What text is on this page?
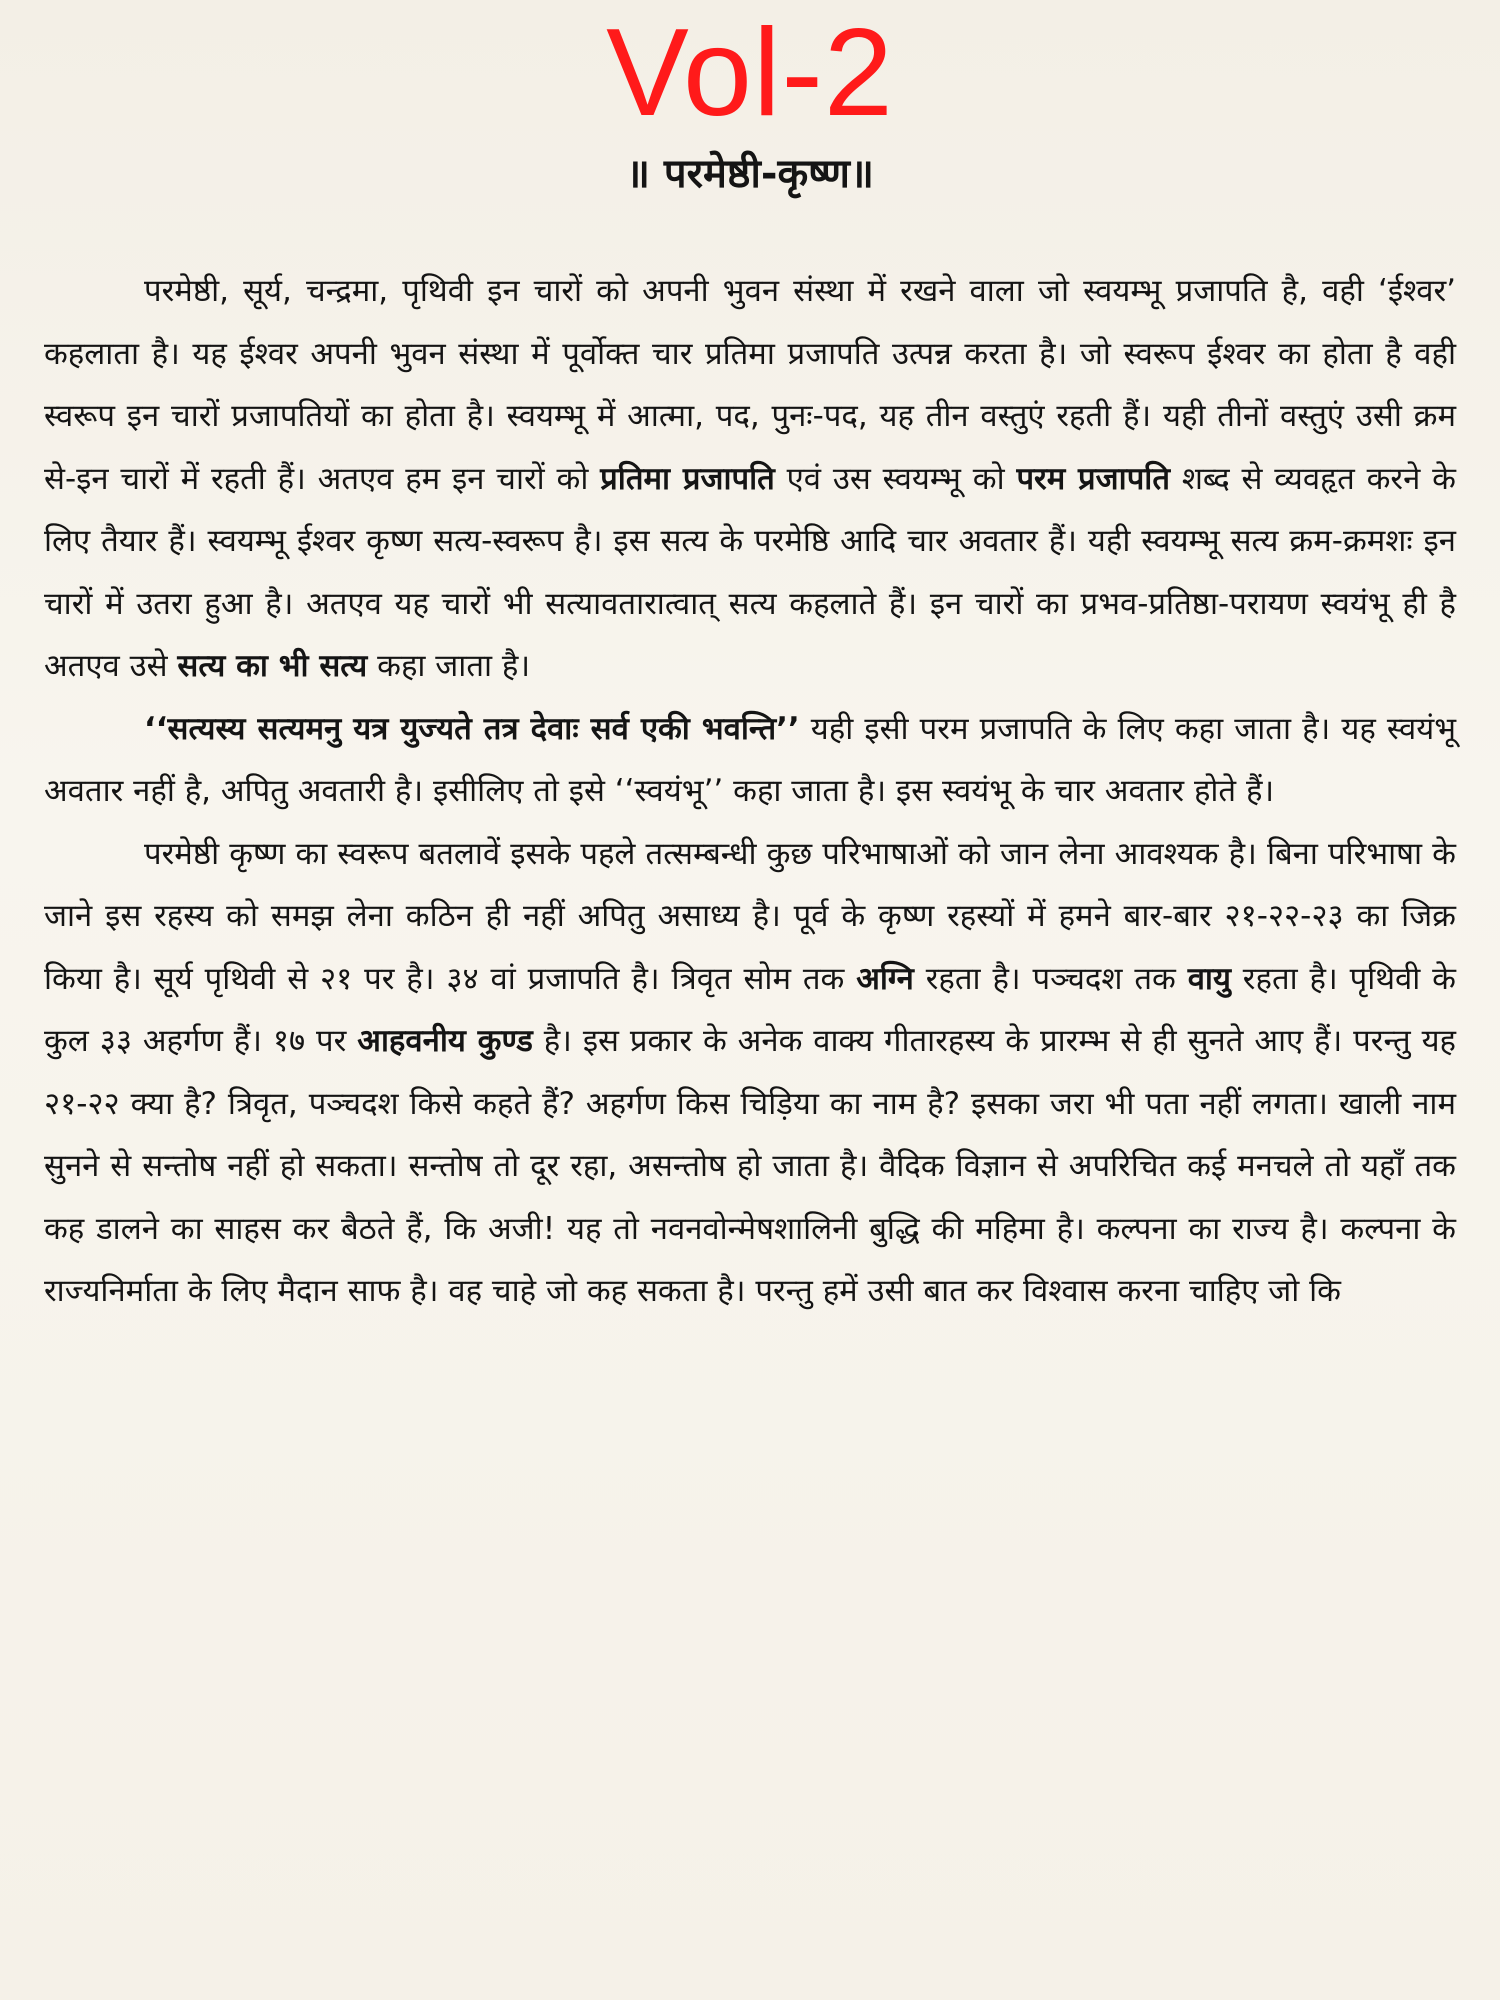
Vol-2
॥ परमेष्ठी-कृष्ण॥

परमेष्ठी, सूर्य, चन्द्रमा, पृथिवी इन चारों को अपनी भुवन संस्था में रखने वाला जो स्वयम्भू प्रजापति है, वही ‘ईश्वर’ कहलाता है। यह ईश्वर अपनी भुवन संस्था में पूर्वोक्त चार प्रतिमा प्रजापति उत्पन्न करता है। जो स्वरूप ईश्वर का होता है वही स्वरूप इन चारों प्रजापतियों का होता है। स्वयम्भू में आत्मा, पद, पुनः-पद, यह तीन वस्तुएं रहती हैं। यही तीनों वस्तुएं उसी क्रम से-इन चारों में रहती हैं। अतएव हम इन चारों को प्रतिमा प्रजापति एवं उस स्वयम्भू को परम प्रजापति शब्द से व्यवहृत करने के लिए तैयार हैं। स्वयम्भू ईश्वर कृष्ण सत्य-स्वरूप है। इस सत्य के परमेष्ठि आदि चार अवतार हैं। यही स्वयम्भू सत्य क्रम-क्रमशः इन चारों में उतरा हुआ है। अतएव यह चारों भी सत्यावतारात्वात् सत्य कहलाते हैं। इन चारों का प्रभव-प्रतिष्ठा-परायण स्वयंभू ही है अतएव उसे सत्य का भी सत्य कहा जाता है।

‘‘सत्यस्य सत्यमनु यत्र युज्यते तत्र देवाः सर्व एकी भवन्ति’’ यही इसी परम प्रजापति के लिए कहा जाता है। यह स्वयंभू अवतार नहीं है, अपितु अवतारी है। इसीलिए तो इसे ‘‘स्वयंभू’’ कहा जाता है। इस स्वयंभू के चार अवतार होते हैं।

परमेष्ठी कृष्ण का स्वरूप बतलावें इसके पहले तत्सम्बन्धी कुछ परिभाषाओं को जान लेना आवश्यक है। बिना परिभाषा के जाने इस रहस्य को समझ लेना कठिन ही नहीं अपितु असाध्य है। पूर्व के कृष्ण रहस्यों में हमने बार-बार २१-२२-२३ का जिक्र किया है। सूर्य पृथिवी से २१ पर है। ३४ वां प्रजापति है। त्रिवृत सोम तक अग्नि रहता है। पञ्चदश तक वायु रहता है। पृथिवी के कुल ३३ अहर्गण हैं। १७ पर आहवनीय कुण्ड है। इस प्रकार के अनेक वाक्य गीतारहस्य के प्रारम्भ से ही सुनते आए हैं। परन्तु यह २१-२२ क्या है? त्रिवृत, पञ्चदश किसे कहते हैं? अहर्गण किस चिड़िया का नाम है? इसका जरा भी पता नहीं लगता। खाली नाम सुनने से सन्तोष नहीं हो सकता। सन्तोष तो दूर रहा, असन्तोष हो जाता है। वैदिक विज्ञान से अपरिचित कई मनचले तो यहाँ तक कह डालने का साहस कर बैठते हैं, कि अजी! यह तो नवनवोन्मेषशालिनी बुद्धि की महिमा है। कल्पना का राज्य है। कल्पना के राज्यनिर्माता के लिए मैदान साफ है। वह चाहे जो कह सकता है। परन्तु हमें उसी बात कर विश्वास करना चाहिए जो कि
